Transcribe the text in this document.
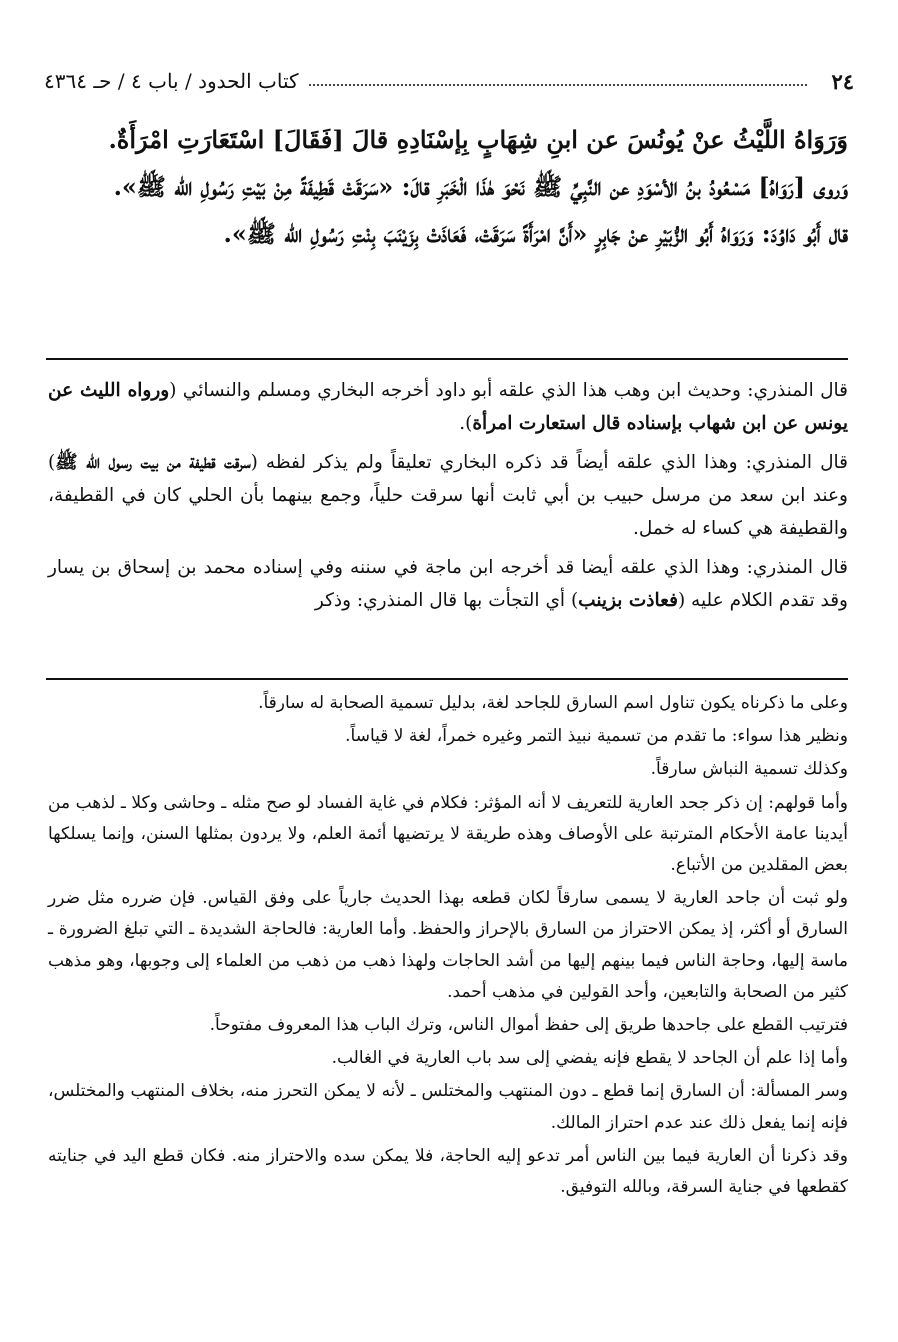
٢٤
كتاب الحدود / باب ٤ / حـ ٤٣٦٤

وَرَوَاهُ اللَّيْثُ عنْ يُونُسَ عن ابنِ شِهَابٍ بِإسْنَادِهِ قالَ [فَقَالَ] اسْتَعَارَتِ امْرَأَةٌ.

وَروى [رَوَاهُ] مَسْعُودُ بنُ الأسْوَدِ عن النَّبِيِّ ﷺ نَحْوَ هٰذَا الْخَبَرِ قالَ: «سَرَقَتْ قَطِيفَةً مِنْ بَيْتِ رَسُولِ الله ﷺ».

قال أَبُو دَاوُدَ: وَرَوَاهُ أَبُو الزُّبَيْرِ عنْ جَابِرٍ «أَنَّ امْرَأَةً سَرَقَتْ، فَعَاذَتْ بِزَيْنَبَ بِنْتِ رَسُولِ الله ﷺ».

قال المنذري: وحديث ابن وهب هذا الذي علقه أبو داود أخرجه البخاري ومسلم والنسائي (ورواه الليث عن يونس عن ابن شهاب بإسناده قال استعارت امرأة).

قال المنذري: وهذا الذي علقه أيضاً قد ذكره البخاري تعليقاً ولم يذكر لفظه (سرقت قطيفة من بيت رسول الله ﷺ) وعند ابن سعد من مرسل حبيب بن أبي ثابت أنها سرقت حلياً، وجمع بينهما بأن الحلي كان في القطيفة، والقطيفة هي كساء له خمل.

قال المنذري: وهذا الذي علقه أيضا قد أخرجه ابن ماجة في سننه وفي إسناده محمد بن إسحاق بن يسار وقد تقدم الكلام عليه (فعاذت بزينب) أي التجأت بها قال المنذري: وذكر

وعلى ما ذكرناه يكون تناول اسم السارق للجاحد لغة، بدليل تسمية الصحابة له سارقاً.

ونظير هذا سواء: ما تقدم من تسمية نبيذ التمر وغيره خمراً، لغة لا قياساً.

وكذلك تسمية النباش سارقاً.

وأما قولهم: إن ذكر جحد العارية للتعريف لا أنه المؤثر: فكلام في غاية الفساد لو صح مثله ـ وحاشى وكلا ـ لذهب من أيدينا عامة الأحكام المترتبة على الأوصاف وهذه طريقة لا يرتضيها أئمة العلم، ولا يردون بمثلها السنن، وإنما يسلكها بعض المقلدين من الأتباع.

ولو ثبت أن جاحد العارية لا يسمى سارقاً لكان قطعه بهذا الحديث جارياً على وفق القياس. فإن ضرره مثل ضرر السارق أو أكثر، إذ يمكن الاحتراز من السارق بالإحراز والحفظ. وأما العارية: فالحاجة الشديدة ـ التي تبلغ الضرورة ـ ماسة إليها، وحاجة الناس فيما بينهم إليها من أشد الحاجات ولهذا ذهب من ذهب من العلماء إلى وجوبها، وهو مذهب كثير من الصحابة والتابعين، وأحد القولين في مذهب أحمد.

فترتيب القطع على جاحدها طريق إلى حفظ أموال الناس، وترك الباب هذا المعروف مفتوحاً.

وأما إذا علم أن الجاحد لا يقطع فإنه يفضي إلى سد باب العارية في الغالب.

وسر المسألة: أن السارق إنما قطع ـ دون المنتهب والمختلس ـ لأنه لا يمكن التحرز منه، بخلاف المنتهب والمختلس، فإنه إنما يفعل ذلك عند عدم احتراز المالك.

وقد ذكرنا أن العارية فيما بين الناس أمر تدعو إليه الحاجة، فلا يمكن سده والاحتراز منه. فكان قطع اليد في جنايته كقطعها في جناية السرقة، وبالله التوفيق.
